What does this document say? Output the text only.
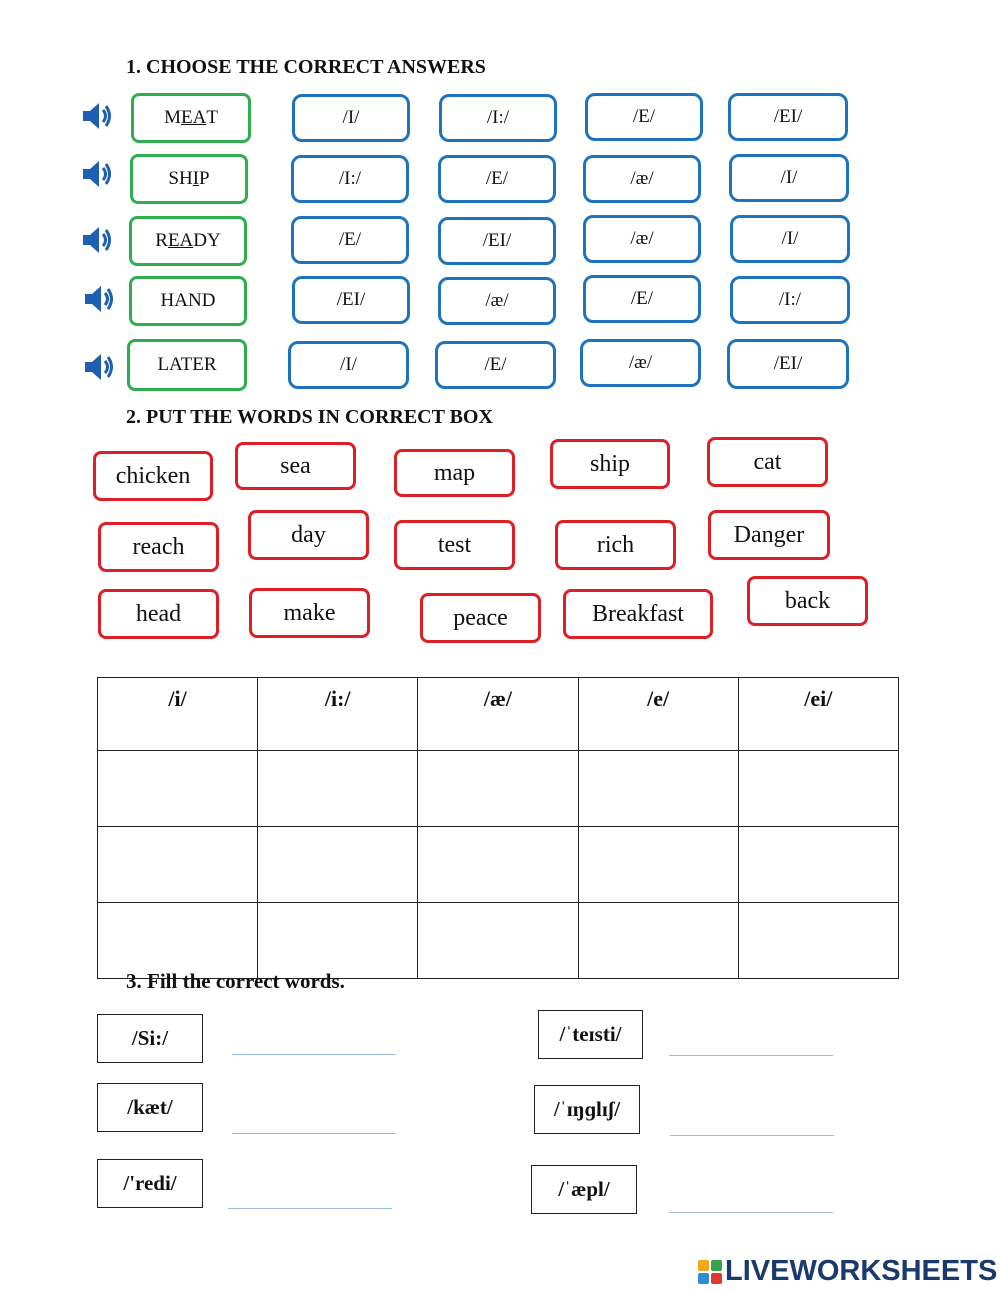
1. CHOOSE THE CORRECT ANSWERS
M EA T	/I/	/I:/	/E/	/EI/
SH I P	/I:/	/E/	/æ/	/I/
R EA DY	/E/	/EI/	/æ/	/I/
HAND	/EI/	/æ/	/E/	/I:/
LATER	/I/	/E/	/æ/	/EI/
2. PUT THE WORDS IN CORRECT BOX
chicken	sea	map	ship	cat
reach	day	test	rich	Danger
head	make	peace	Breakfast	back
/i/	/i:/	/æ/	/e/	/ei/

3. Fill the correct words.
/Si:/
/kæt/
/'redi/
/ˈteɪsti/
/ˈɪŋɡlɪʃ/
/ˈæpl/
LIVEWORKSHEETS
